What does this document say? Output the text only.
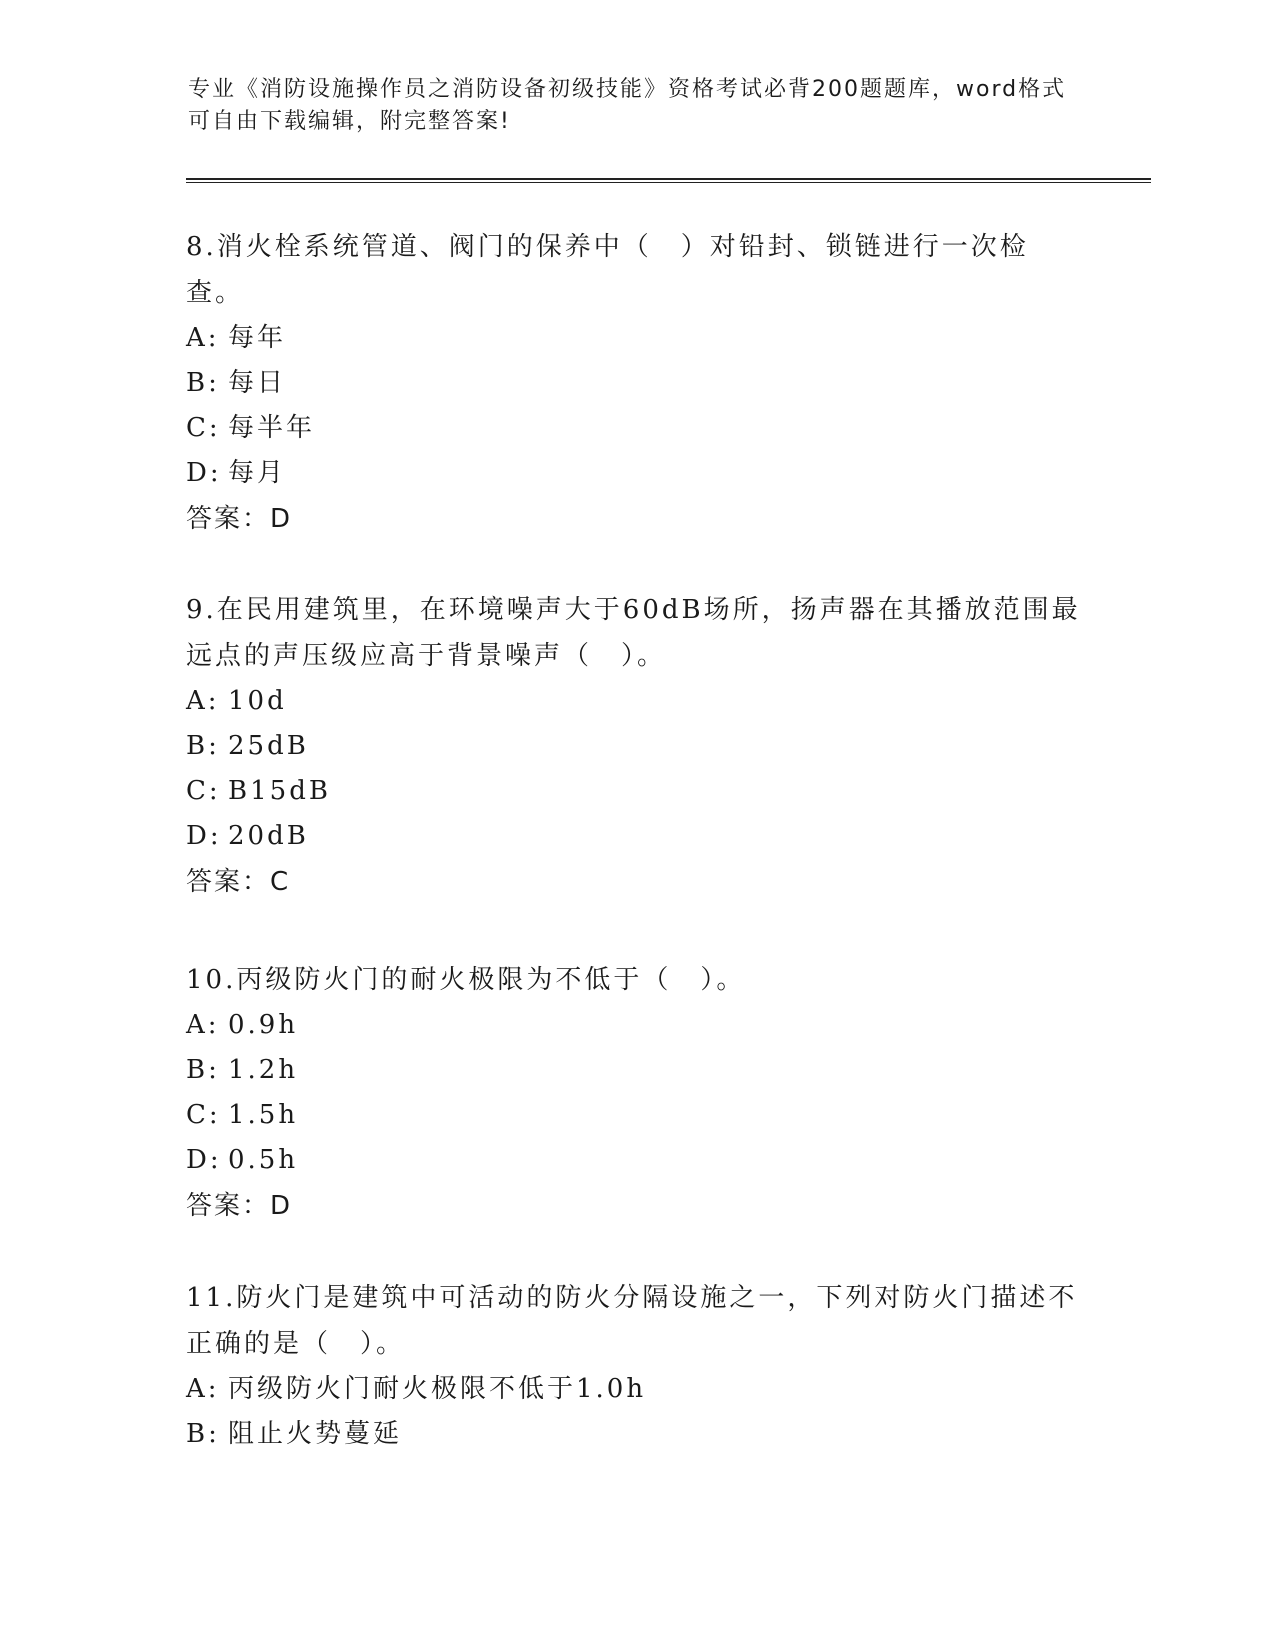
专业《消防设施操作员之消防设备初级技能》资格考试必背200题题库，word格式可自由下载编辑，附完整答案!

8.消火栓系统管道、阀门的保养中（　）对铅封、锁链进行一次检查。

A: 每年

B: 每日

C: 每半年

D: 每月

答案：D

9.在民用建筑里，在环境噪声大于60dB场所，扬声器在其播放范围最远点的声压级应高于背景噪声（　）。

A: 10d

B: 25dB

C: B15dB

D: 20dB

答案：C

10.丙级防火门的耐火极限为不低于（　）。

A: 0.9h

B: 1.2h

C: 1.5h

D: 0.5h

答案：D

11.防火门是建筑中可活动的防火分隔设施之一，下列对防火门描述不正确的是（　）。

A: 丙级防火门耐火极限不低于1.0h

B: 阻止火势蔓延
